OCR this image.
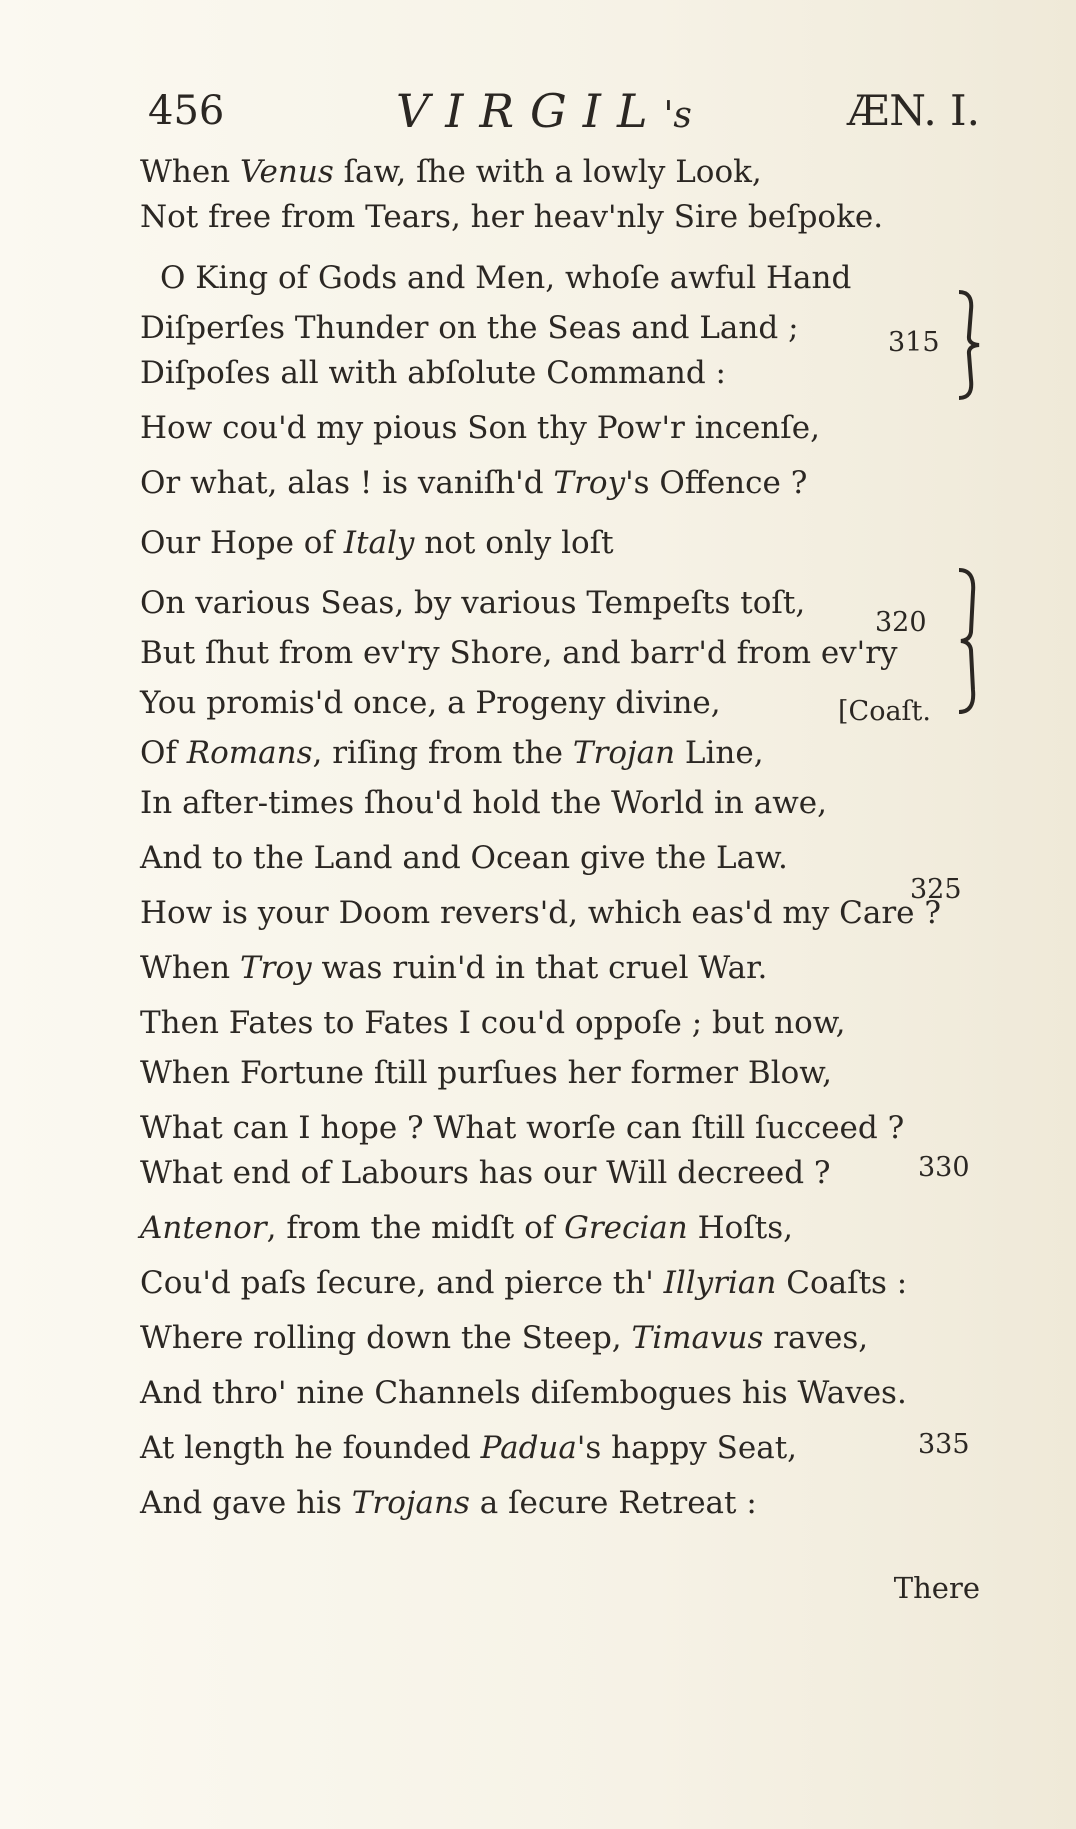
456	VIRGIL's	ÆN. I.
When Venus ſaw, ſhe with a lowly Look,
Not free from Tears, her heav'nly Sire beſpoke.
O King of Gods and Men, whoſe awful Hand
Diſperſes Thunder on the Seas and Land ;
Diſpoſes all with abſolute Command :
How cou'd my pious Son thy Pow'r incenſe,
Or what, alas ! is vaniſh'd Troy's Offence ?
Our Hope of Italy not only loſt
On various Seas, by various Tempeſts toſt,
But ſhut from ev'ry Shore, and barr'd from ev'ry
You promis'd once, a Progeny divine,
Of Romans, riſing from the Trojan Line,
In after-times ſhou'd hold the World in awe,
And to the Land and Ocean give the Law.
How is your Doom revers'd, which eas'd my Care ?
When Troy was ruin'd in that cruel War.
Then Fates to Fates I cou'd oppoſe ; but now,
When Fortune ſtill purſues her former Blow,
What can I hope ? What worſe can ſtill ſucceed ?
What end of Labours has our Will decreed ?
Antenor, from the midſt of Grecian Hoſts,
Cou'd paſs ſecure, and pierce th' Illyrian Coaſts :
Where rolling down the Steep, Timavus raves,
And thro' nine Channels diſembogues his Waves.
At length he founded Padua's happy Seat,
And gave his Trojans a ſecure Retreat :
315
320
325
330
335
[Coaſt.
There
